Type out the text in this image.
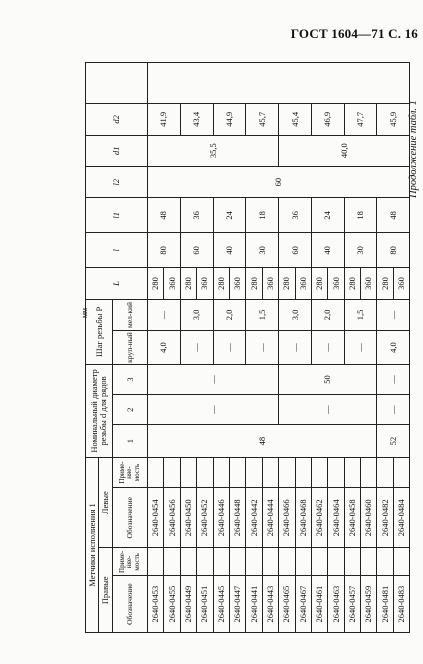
ГОСТ 1604—71 С. 16
Продолжение табл. 1
мм
Метчики исполнения 1				Номинальный диаметр резьбы d для рядов			Шаг резьбы P		L	l	l1	l2	d1	d2	
Правые		Левые													
Обозначение	Приме-няе-мость	Обозначение	Приме-няе-мость	1	2	3	круп-ный	мел-кий							
2640-0453		2640-0454		48	—	—	4,0	—	280	80	48	60	35,5	41,9	
2640-0455		2640-0456							360						
2640-0449		2640-0450					—	3,0	280	60	36			43,4	
2640-0451		2640-0452							360						
2640-0445		2640-0446					—	2,0	280	40	24			44,9	
2640-0447		2640-0448							360						
2640-0441		2640-0442					—	1,5	280	30	18			45,7	
2640-0443		2640-0444							360						
2640-0465		2640-0466			—	50	—	3,0	280	60	36		40,0	45,4	
2640-0467		2640-0468							360						
2640-0461		2640-0462					—	2,0	280	40	24			46,9	
2640-0463		2640-0464							360						
2640-0457		2640-0458					—	1,5	280	30	18			47,7	
2640-0459		2640-0460							360						
2640-0481		2640-0482		52	—	—	4,0	—	280	80	48			45,9	
2640-0483		2640-0484							360						
